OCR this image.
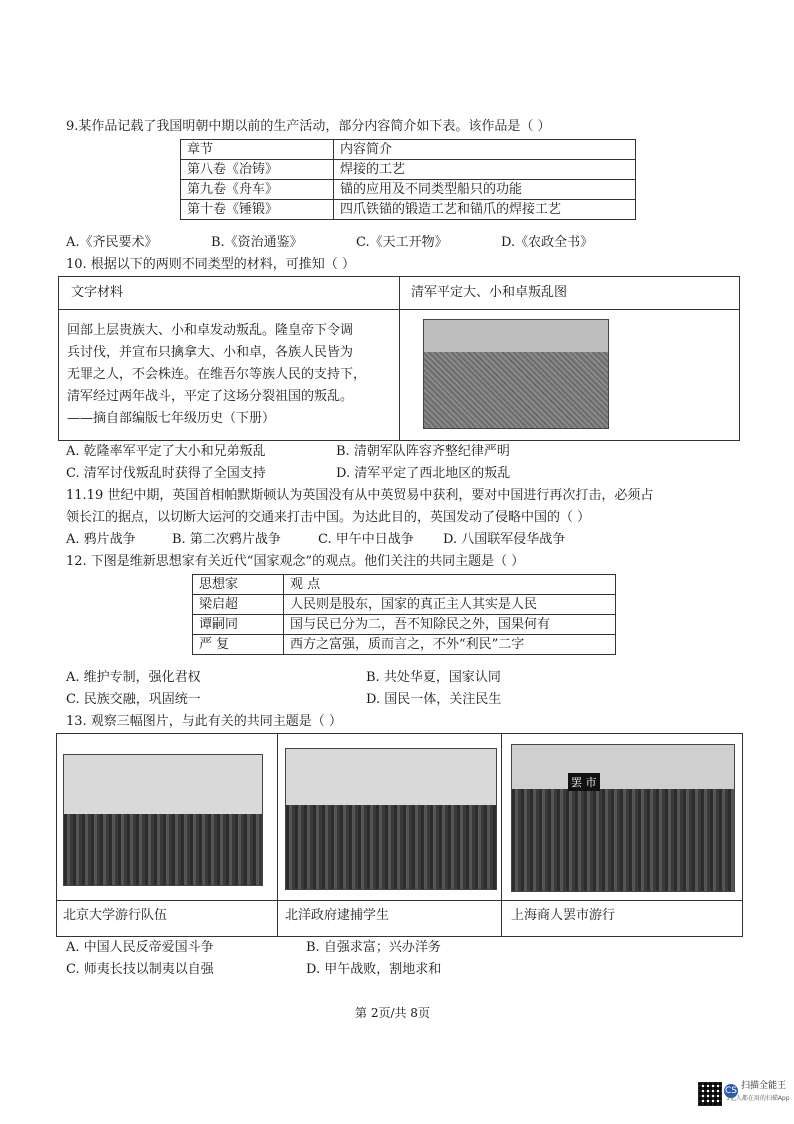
9.某作品记载了我国明朝中期以前的生产活动，部分内容简介如下表。该作品是（ ）
章节	内容简介
第八卷《冶铸》	焊接的工艺
第九卷《舟车》	锚的应用及不同类型船只的功能
第十卷《锤锻》	四爪铁锚的锻造工艺和锚爪的焊接工艺
A.《齐民要术》	B.《资治通鉴》	C.《天工开物》	D.《农政全书》
10. 根据以下的两则不同类型的材料，可推知（ ）
文字材料	清军平定大、小和卓叛乱图
回部上层贵族大、小和卓发动叛乱。隆皇帝下令调
兵讨伐，并宣布只擒拿大、小和卓，各族人民皆为
无罪之人，不会株连。在维吾尔等族人民的支持下，
清军经过两年战斗，平定了这场分裂祖国的叛乱。
——摘自部编版七年级历史（下册）
A. 乾隆率军平定了大小和兄弟叛乱	B. 清朝军队阵容齐整纪律严明
C. 清军讨伐叛乱时获得了全国支持	D. 清军平定了西北地区的叛乱
11.19 世纪中期，英国首相帕默斯顿认为英国没有从中英贸易中获利，要对中国进行再次打击，必须占
领长江的据点，以切断大运河的交通来打击中国。为达此目的，英国发动了侵略中国的（ ）
A. 鸦片战争	B. 第二次鸦片战争	C. 甲午中日战争 D. 八国联军侵华战争
12. 下图是维新思想家有关近代“国家观念”的观点。他们关注的共同主题是（ ）
思想家	观 点
梁启超	人民则是股东，国家的真正主人其实是人民
谭嗣同	国与民已分为二，吾不知除民之外，国果何有
严 复	西方之富强，质而言之，不外“利民”二字
A. 维护专制，强化君权	B. 共处华夏，国家认同
C. 民族交融，巩固统一	D. 国民一体，关注民生
13. 观察三幅图片，与此有关的共同主题是（ ）
罢 市
北京大学游行队伍	北洋政府逮捕学生	上海商人罢市游行
A. 中国人民反帝爱国斗争	B. 自强求富；兴办洋务
C. 师夷长技以制夷以自强	D. 甲午战败，割地求和
第 2页/共 8页
CS 扫描全能王
3亿人都在用的扫描App
